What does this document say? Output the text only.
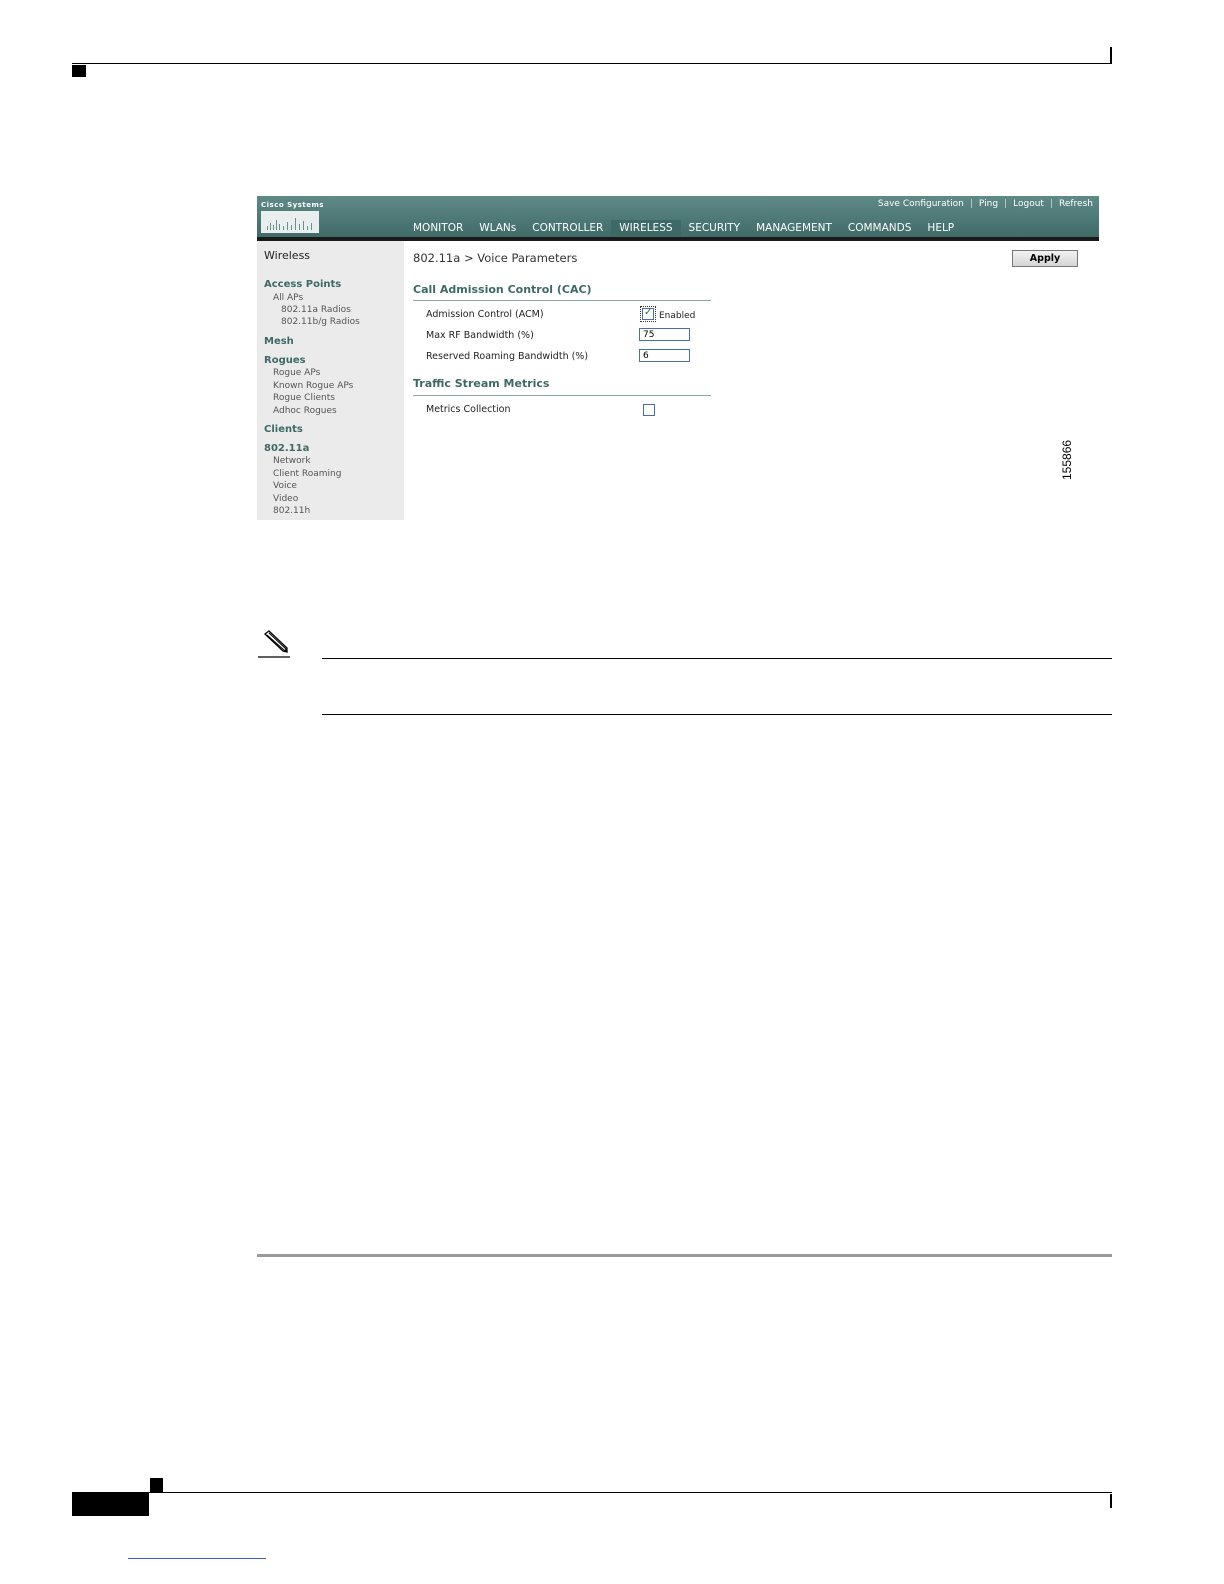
Cisco Systems	Save Configuration | Ping | Logout | Refresh
MONITOR	WLANs	CONTROLLER	WIRELESS	SECURITY	MANAGEMENT	COMMANDS	HELP
Wireless
Access Points
All APs
802.11a Radios
802.11b/g Radios
Mesh
Rogues
Rogue APs
Known Rogue APs
Rogue Clients
Adhoc Rogues
Clients
802.11a
Network
Client Roaming
Voice
Video
802.11h
802.11a > Voice Parameters	Apply
Call Admission Control (CAC)
Admission Control (ACM)	✓ Enabled
Max RF Bandwidth (%)	75
Reserved Roaming Bandwidth (%)	6
Traffic Stream Metrics
Metrics Collection
155866
